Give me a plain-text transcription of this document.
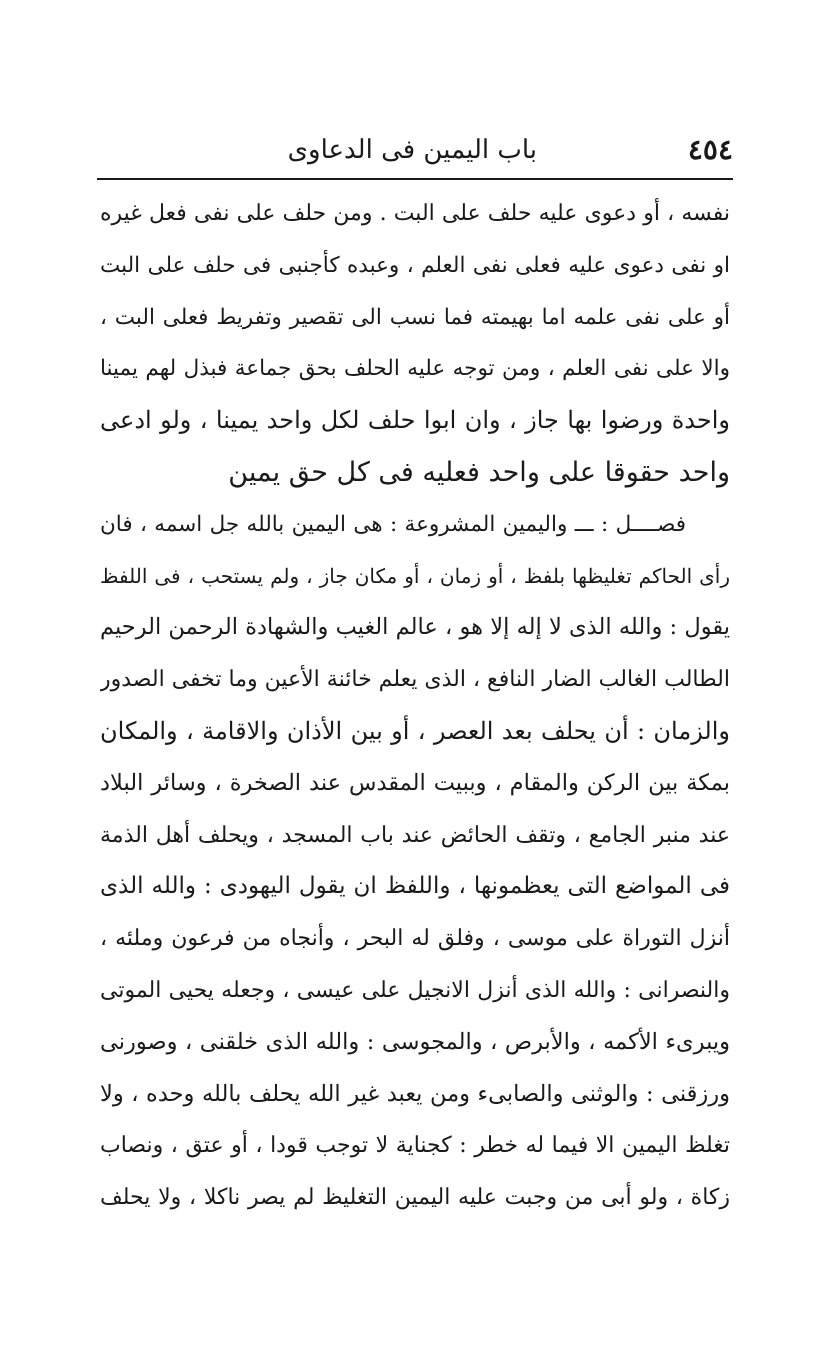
٤٥٤
باب اليمين فى الدعاوى
نفسه ، أو دعوى عليه حلف على البت . ومن حلف على نفى فعل غيره
او نفى دعوى عليه فعلى نفى العلم ، وعبده كأجنبى فى حلف على البت
أو على نفى علمه اما بهيمته فما نسب الى تقصير وتفريط فعلى البت ،
والا على نفى العلم ، ومن توجه عليه الحلف بحق جماعة فبذل لهم يمينا
واحدة ورضوا بها جاز ، وان ابوا حلف لكل واحد يمينا ، ولو ادعى
واحد حقوقا على واحد فعليه فى كل حق يمين
فصــــل : ـــ واليمين المشروعة : هى اليمين بالله جل اسمه ، فان
رأى الحاكم تغليظها بلفظ ، أو زمان ، أو مكان جاز ، ولم يستحب ، فى اللفظ
يقول : والله الذى لا إله إلا هو ، عالم الغيب والشهادة الرحمن الرحيم
الطالب الغالب الضار النافع ، الذى يعلم خائنة الأعين وما تخفى الصدور
والزمان : أن يحلف بعد العصر ، أو بين الأذان والاقامة ، والمكان
بمكة بين الركن والمقام ، وببيت المقدس عند الصخرة ، وسائر البلاد
عند منبر الجامع ، وتقف الحائض عند باب المسجد ، ويحلف أهل الذمة
فى المواضع التى يعظمونها ، واللفظ ان يقول اليهودى : والله الذى
أنزل التوراة على موسى ، وفلق له البحر ، وأنجاه من فرعون وملئه ،
والنصرانى : والله الذى أنزل الانجيل على عيسى ، وجعله يحيى الموتى
ويبرىء الأكمه ، والأبرص ، والمجوسى : والله الذى خلقنى ، وصورنى
ورزقنى : والوثنى والصابىء ومن يعبد غير الله يحلف بالله وحده ، ولا
تغلظ اليمين الا فيما له خطر : كجناية لا توجب قودا ، أو عتق ، ونصاب
زكاة ، ولو أبى من وجبت عليه اليمين التغليظ لم يصر ناكلا ، ولا يحلف
